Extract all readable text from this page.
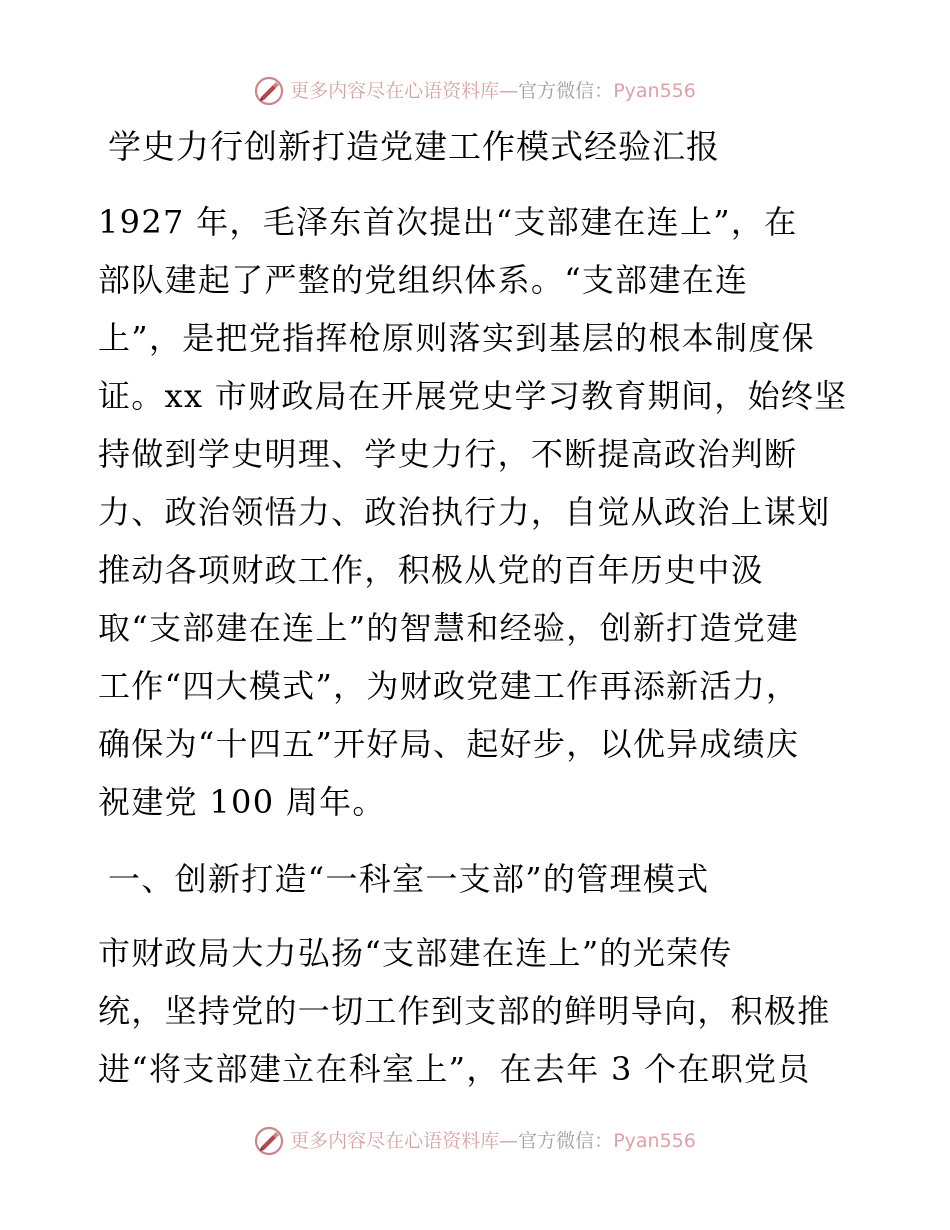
更多内容尽在心语资料库 — 官方微信： Pyan556
学史力行创新打造党建工作模式经验汇报
1927 年，毛泽东首次提出“支部建在连上”，在
部队建起了严整的党组织体系。“支部建在连
上”，是把党指挥枪原则落实到基层的根本制度保
证。xx 市财政局在开展党史学习教育期间，始终坚
持做到学史明理、学史力行，不断提高政治判断
力、政治领悟力、政治执行力，自觉从政治上谋划
推动各项财政工作，积极从党的百年历史中汲
取“支部建在连上”的智慧和经验，创新打造党建
工作“四大模式”，为财政党建工作再添新活力，
确保为“十四五”开好局、起好步，以优异成绩庆
祝建党 100 周年。
一、创新打造“一科室一支部”的管理模式
市财政局大力弘扬“支部建在连上”的光荣传
统，坚持党的一切工作到支部的鲜明导向，积极推
进“将支部建立在科室上”，在去年 3 个在职党员
更多内容尽在心语资料库 — 官方微信： Pyan556
